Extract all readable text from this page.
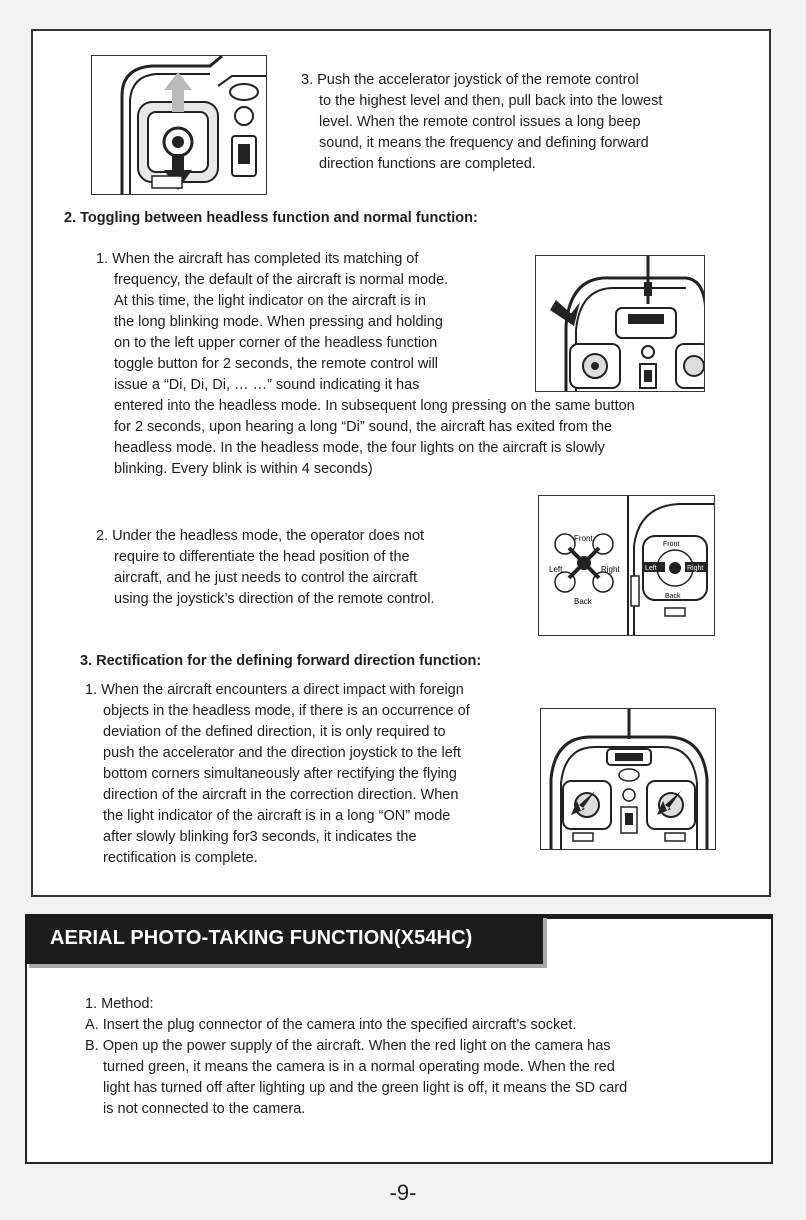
3. Push the accelerator joystick of the remote control
to the highest level and then, pull back into the lowest
level. When the remote control issues a long beep
sound, it means the frequency and defining forward
direction functions are completed.
2. Toggling between headless function and normal function:
1. When the aircraft has completed its matching of
frequency, the default of the aircraft is normal mode.
At this time, the light indicator on the aircraft is in
the long blinking mode. When pressing and holding
on to the left upper corner of the headless function
toggle button for 2 seconds, the remote control will
issue a “Di, Di, Di, … …” sound indicating it has
entered into the headless mode. In subsequent long pressing on the same button
for 2 seconds, upon hearing a long “Di” sound, the aircraft has exited from the
headless mode. In the headless mode, the four lights on the aircraft is slowly
blinking. Every blink is within 4 seconds)
2. Under the headless mode, the operator does not
require to differentiate the head position of the
aircraft, and he just needs to control the aircraft
using the joystick’s direction of the remote control.
Front
Back
Left	Right
Front
Back
Left	Right
3. Rectification for the defining forward direction function:
1. When the aircraft encounters a direct impact with foreign
objects in the headless mode, if there is an occurrence of
deviation of the defined direction, it is only required to
push the accelerator and the direction joystick to the left
bottom corners simultaneously after rectifying the flying
direction of the aircraft in the correction direction. When
the light indicator of the aircraft is in a long “ON” mode
after slowly blinking for3 seconds, it indicates the
rectification is complete.
AERIAL PHOTO-TAKING FUNCTION(X54HC)
1. Method:
A. Insert the plug connector of the camera into the specified aircraft’s socket.
B. Open up the power supply of the aircraft. When the red light on the camera has
turned green, it means the camera is in a normal operating mode. When the red
light has turned off after lighting up and the green light is off, it means the SD card
is not connected to the camera.
-9-
